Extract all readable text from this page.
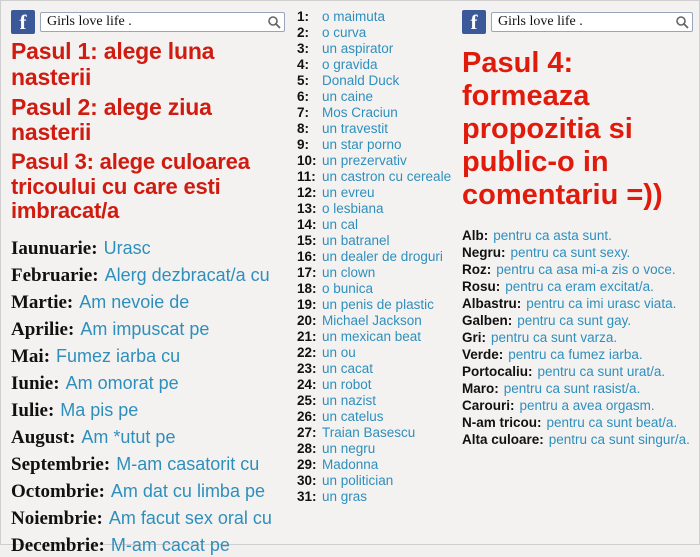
f	Girls love life .
Pasul 1: alege luna nasterii
Pasul 2: alege ziua nasterii
Pasul 3: alege culoarea tricoului cu care esti imbracat/a
Iaunuarie: Urasc
Februarie: Alerg dezbracat/a cu
Martie: Am nevoie de
Aprilie: Am impuscat pe
Mai: Fumez iarba cu
Iunie: Am omorat pe
Iulie: Ma pis pe
August: Am *utut pe
Septembrie: M-am casatorit cu
Octombrie: Am dat cu limba pe
Noiembrie: Am facut sex oral cu
Decembrie: M-am cacat pe
1: o maimuta
2: o curva
3: un aspirator
4: o gravida
5: Donald Duck
6: un caine
7: Mos Craciun
8: un travestit
9: un star porno
10: un prezervativ
11: un castron cu cereale
12: un evreu
13: o lesbiana
14: un cal
15: un batranel
16: un dealer de droguri
17: un clown
18: o bunica
19: un penis de plastic
20: Michael Jackson
21: un mexican beat
22: un ou
23: un cacat
24: un robot
25: un nazist
26: un catelus
27: Traian Basescu
28: un negru
29: Madonna
30: un politician
31: un gras
f	Girls love life .
Pasul 4: formeaza propozitia si public-o in comentariu =))
Alb: pentru ca asta sunt.
Negru: pentru ca sunt sexy.
Roz: pentru ca asa mi-a zis o voce.
Rosu: pentru ca eram excitat/a.
Albastru: pentru ca imi urasc viata.
Galben: pentru ca sunt gay.
Gri: pentru ca sunt varza.
Verde: pentru ca fumez iarba.
Portocaliu: pentru ca sunt urat/a.
Maro: pentru ca sunt rasist/a.
Carouri: pentru a avea orgasm.
N-am tricou: pentru ca sunt beat/a.
Alta culoare: pentru ca sunt singur/a.
